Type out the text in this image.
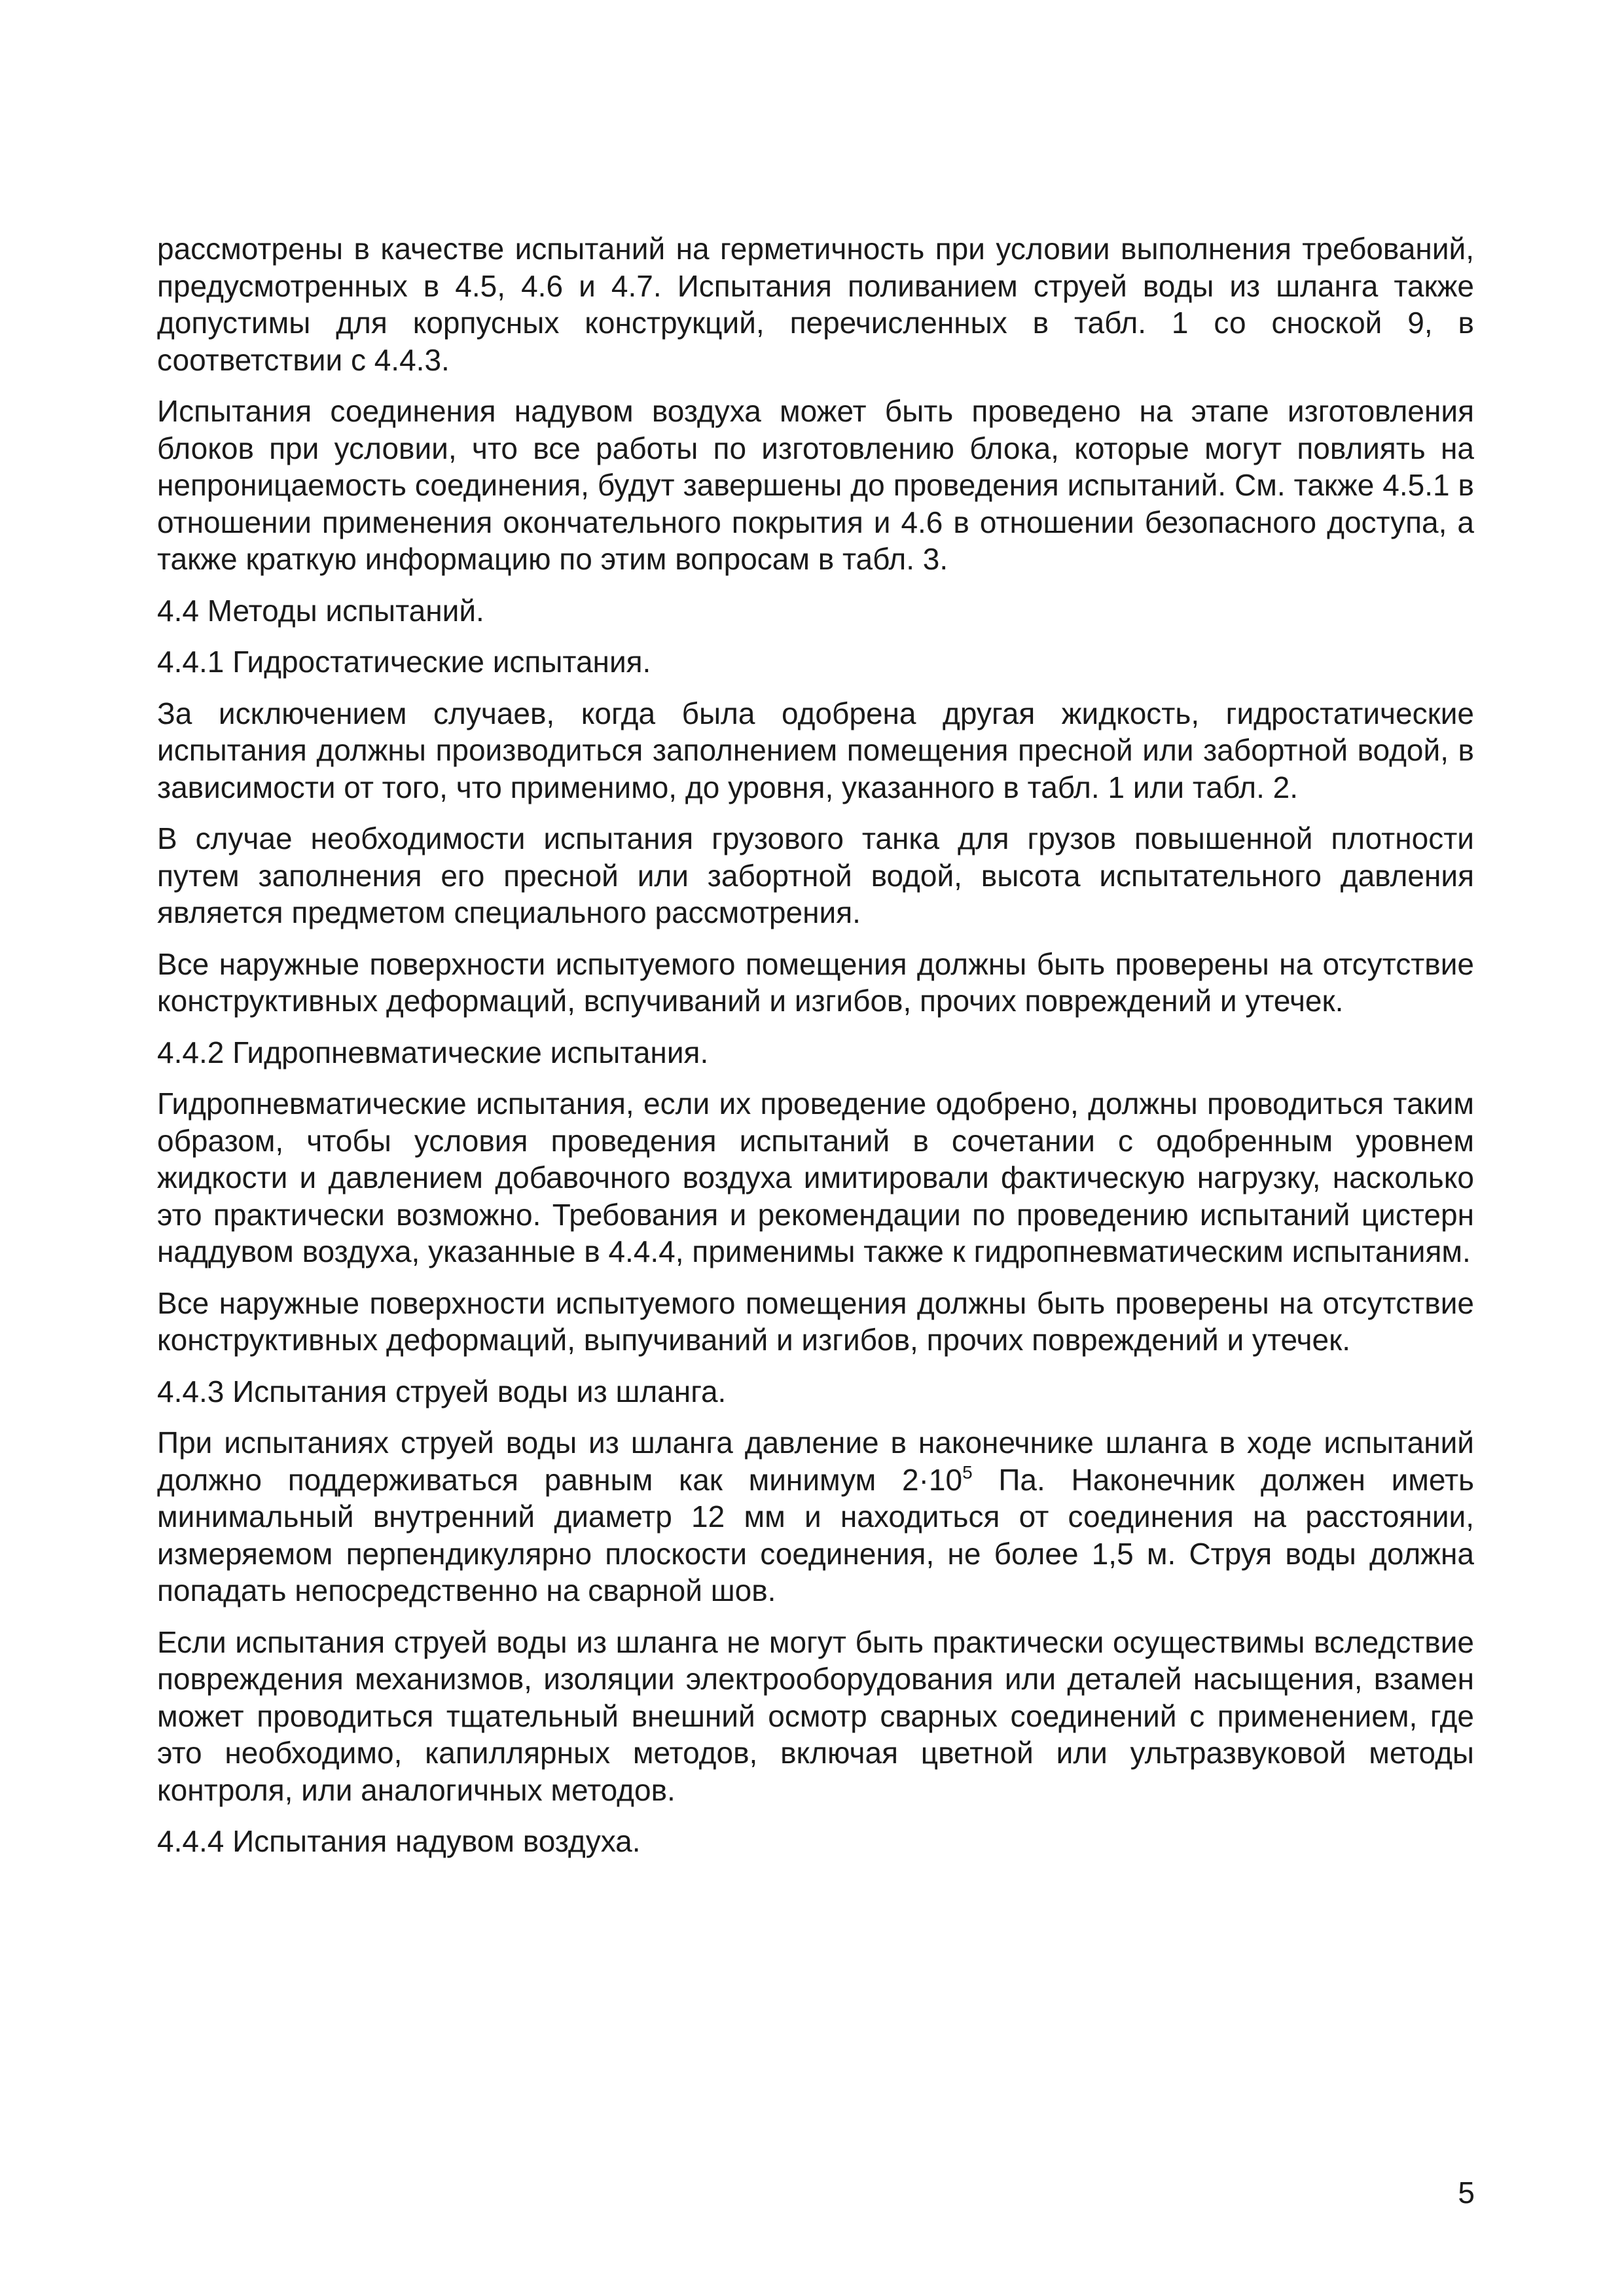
рассмотрены в качестве испытаний на герметичность при условии выполнения требований, предусмотренных в 4.5, 4.6 и 4.7. Испытания поливанием струей воды из шланга также допустимы для корпусных конструкций, перечисленных в табл. 1 со сноской 9, в соответствии с 4.4.3.

Испытания соединения надувом воздуха может быть проведено на этапе изготовления блоков при условии, что все работы по изготовлению блока, которые могут повлиять на непроницаемость соединения, будут завершены до проведения испытаний. См. также 4.5.1 в отношении применения окончательного покрытия и 4.6 в отношении безопасного доступа, а также краткую информацию по этим вопросам в табл. 3.

4.4 Методы испытаний.

4.4.1 Гидростатические испытания.

За исключением случаев, когда была одобрена другая жидкость, гидростатические испытания должны производиться заполнением помещения пресной или забортной водой, в зависимости от того, что применимо, до уровня, указанного в табл. 1 или табл. 2.

В случае необходимости испытания грузового танка для грузов повышенной плотности путем заполнения его пресной или забортной водой, высота испытательного давления является предметом специального рассмотрения.

Все наружные поверхности испытуемого помещения должны быть проверены на отсутствие конструктивных деформаций, вспучиваний и изгибов, прочих повреждений и утечек.

4.4.2 Гидропневматические испытания.

Гидропневматические испытания, если их проведение одобрено, должны проводиться таким образом, чтобы условия проведения испытаний в сочетании с одобренным уровнем жидкости и давлением добавочного воздуха имитировали фактическую нагрузку, насколько это практически возможно. Требования и рекомендации по проведению испытаний цистерн наддувом воздуха, указанные в 4.4.4, применимы также к гидропневматическим испытаниям.

Все наружные поверхности испытуемого помещения должны быть проверены на отсутствие конструктивных деформаций, выпучиваний и изгибов, прочих повреждений и утечек.

4.4.3 Испытания струей воды из шланга.

При испытаниях струей воды из шланга давление в наконечнике шланга в ходе испытаний должно поддерживаться равным как минимум $2\cdot 10^5$ Па. Наконечник должен иметь минимальный внутренний диаметр 12 мм и находиться от соединения на расстоянии, измеряемом перпендикулярно плоскости соединения, не более 1,5 м. Струя воды должна попадать непосредственно на сварной шов.

Если испытания струей воды из шланга не могут быть практически осуществимы вследствие повреждения механизмов, изоляции электрооборудования или деталей насыщения, взамен может проводиться тщательный внешний осмотр сварных соединений с применением, где это необходимо, капиллярных методов, включая цветной или ультразвуковой методы контроля, или аналогичных методов.

4.4.4 Испытания надувом воздуха.

5
